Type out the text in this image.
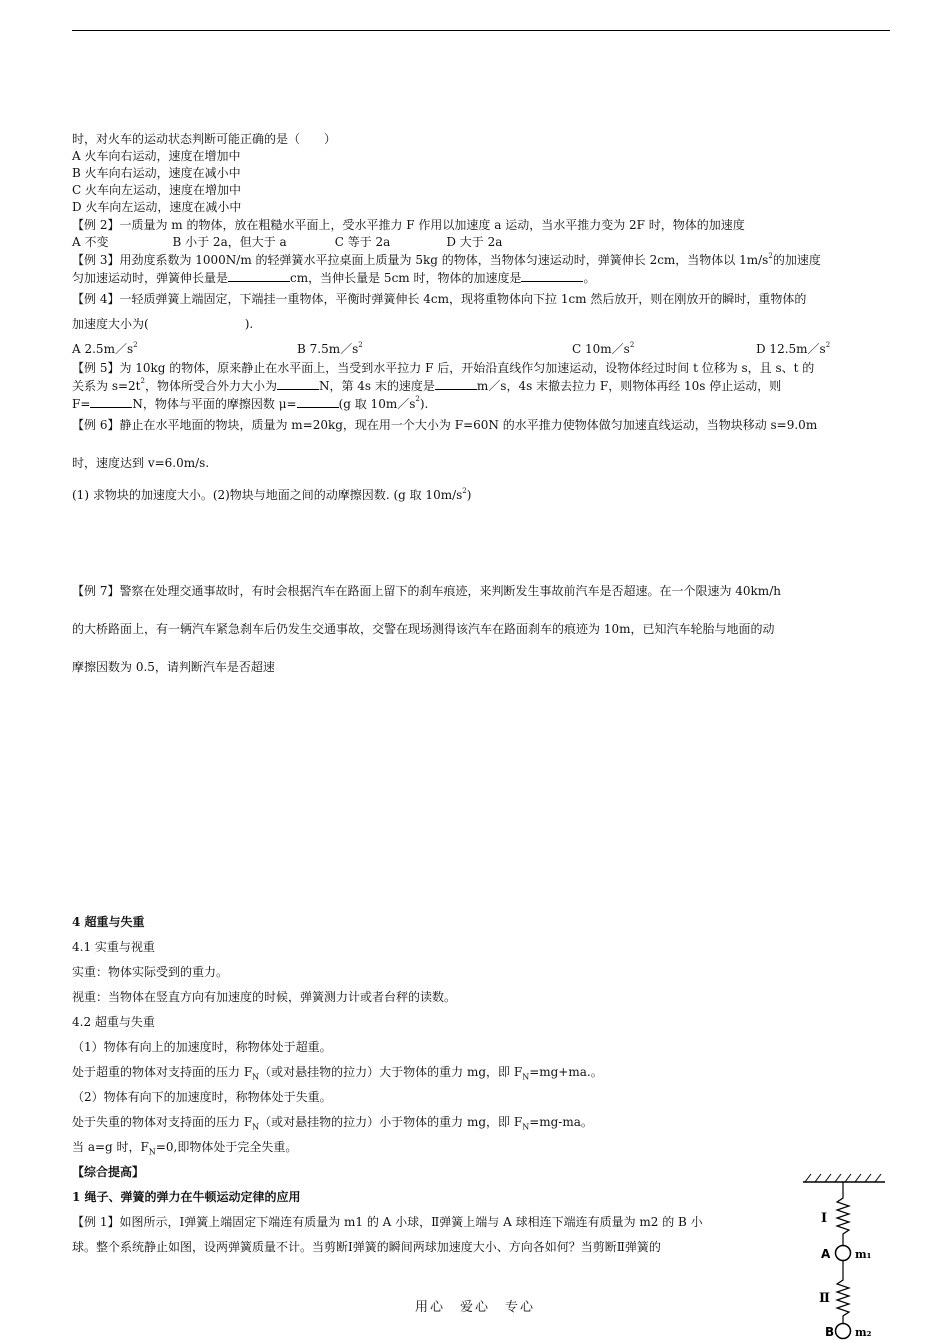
时，对火车的运动状态判断可能正确的是（　　）
A 火车向右运动，速度在增加中
B 火车向右运动，速度在减小中
C 火车向左运动，速度在增加中
D 火车向左运动，速度在减小中
【例 2】一质量为 m 的物体，放在粗糙水平面上，受水平推力 F 作用以加速度 a 运动，当水平推力变为 2F 时，物体的加速度
A 不变	B 小于 2a，但大于 a	C 等于 2a	D 大于 2a
【例 3】用劲度系数为 1000N/m 的轻弹簧水平拉桌面上质量为 5kg 的物体，当物体匀速运动时，弹簧伸长 2cm，当物体以 $1m/s^2$的加速度
匀加速运动时，弹簧伸长量是	cm，当伸长量是 5cm 时，物体的加速度是	。
【例 4】一轻质弹簧上端固定，下端挂一重物体，平衡时弹簧伸长 4cm，现将重物体向下拉 1cm 然后放开，则在刚放开的瞬时，重物体的
加速度大小为(	).
A $2.5m/s^2$	B $7.5m/s^2$	C $10m/s^2$	D $12.5m/s^2$
【例 5】为 10kg 的物体，原来静止在水平面上，当受到水平拉力 F 后，开始沿直线作匀加速运动，设物体经过时间 t 位移为 s，且 s、t 的
关系为 $s=2t^2$，物体所受合外力大小为	N，第 4s 末的速度是	m／s，4s 末撤去拉力 F，则物体再经 10s 停止运动，则
F=	N，物体与平面的摩擦因数 μ=	(g 取 $10m/s^2$).
【例 6】静止在水平地面的物块，质量为 m=20kg，现在用一个大小为 F=60N 的水平推力使物体做匀加速直线运动，当物块移动 s=9.0m
时，速度达到 v=6.0m/s.
(1) 求物块的加速度大小。(2)物块与地面之间的动摩擦因数. (g 取 $10m/s^2$)
【例 7】警察在处理交通事故时，有时会根据汽车在路面上留下的刹车痕迹，来判断发生事故前汽车是否超速。在一个限速为 40km/h
的大桥路面上，有一辆汽车紧急刹车后仍发生交通事故，交警在现场测得该汽车在路面刹车的痕迹为 10m，已知汽车轮胎与地面的动
摩擦因数为 0.5，请判断汽车是否超速
4 超重与失重
4.1 实重与视重
实重：物体实际受到的重力。
视重：当物体在竖直方向有加速度的时候，弹簧测力计或者台秤的读数。
4.2 超重与失重
（1）物体有向上的加速度时，称物体处于超重。
处于超重的物体对支持面的压力 $F_N$（或对悬挂物的拉力）大于物体的重力 mg，即 $F_N=mg+ma$.。
（2）物体有向下的加速度时，称物体处于失重。
处于失重的物体对支持面的压力 $F_N$（或对悬挂物的拉力）小于物体的重力 mg，即 $F_N=mg-ma$。
当 a=g 时，$F_N=0$,即物体处于完全失重。
【综合提高】
1 绳子、弹簧的弹力在牛顿运动定律的应用
【例 1】如图所示，Ⅰ弹簧上端固定下端连有质量为 m1 的 A 小球，Ⅱ弹簧上端与 A 球相连下端连有质量为 m2 的 B 小
球。整个系统静止如图，设两弹簧质量不计。当剪断Ⅰ弹簧的瞬间两球加速度大小、方向各如何？当剪断Ⅱ弹簧的
Ⅰ
A m₁
Ⅱ
B m₂
用心　爱心　专心
